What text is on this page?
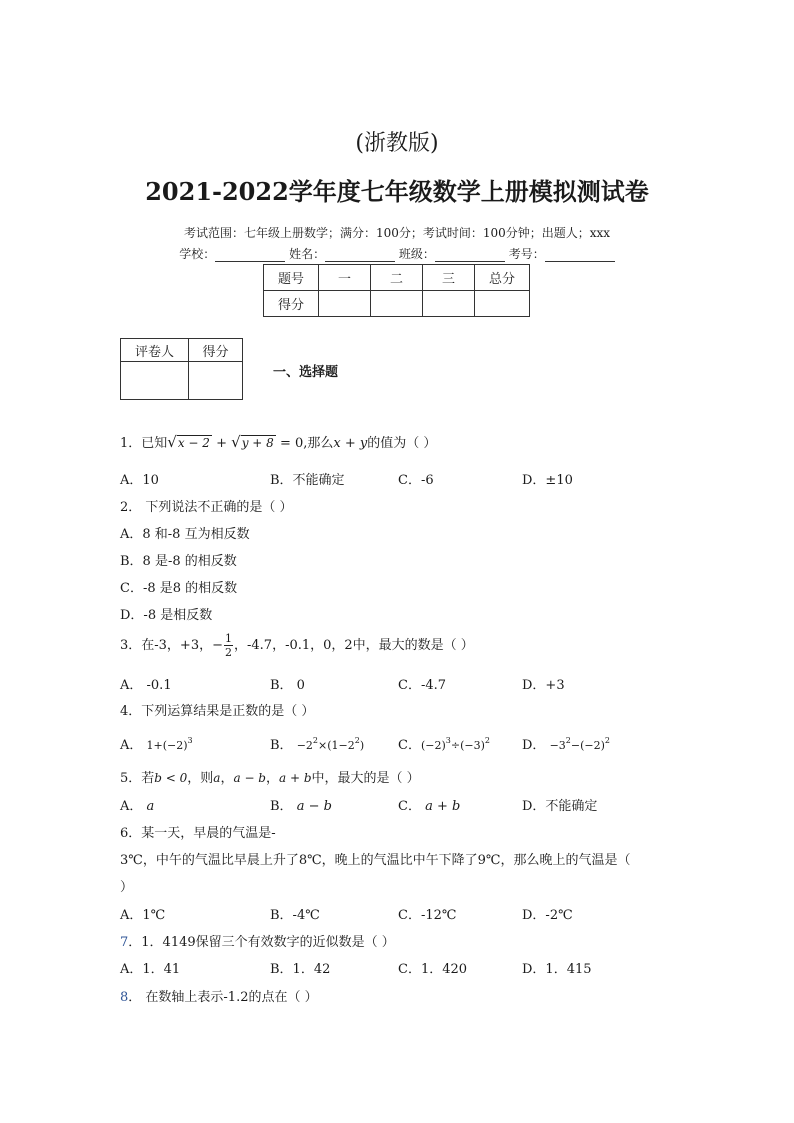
(浙教版)
2021-2022学年度七年级数学上册模拟测试卷
考试范围：七年级上册数学；满分：100分；考试时间：100分钟；出题人；xxx
学校：	姓名：	班级：	考号：
题号	一	二	三	总分
得分				
评卷人	得分

一、选择题
1．已知√x − 2 + √y + 8 = 0,那么x + y的值为（ ）
A．10	B．不能确定	C．-6	D．±10
2． 下列说法不正确的是（ ）
A．8 和-8 互为相反数
B．8 是-8 的相反数
C．-8 是8 的相反数
D．-8 是相反数
3．在-3，+3，− $\frac{1}{2}$ ，-4.7，-0.1，0，2中，最大的数是（ ）
A． -0.1	B． 0	C．-4.7	D．+3
4．下列运算结果是正数的是（ ）
A． $1+(-2)^3$	B． $-2^2\times(1-2^2)$	C．$(-2)^3\div(-3)^2$ D． $-3^2-(-2)^2$
5．若b < 0，则a，a − b，a + b中，最大的是（ ）
A． a	B． a − b	C． a + b	D．不能确定
6．某一天，早晨的气温是-
3℃，中午的气温比早晨上升了8℃，晚上的气温比中午下降了9℃，那么晚上的气温是（
）
A．1℃	B．-4℃	C．-12℃	D．-2℃
7．1．4149保留三个有效数字的近似数是（ ）
A．1．41	B．1．42	C．1．420	D．1．415
8． 在数轴上表示-1.2的点在（ ）
